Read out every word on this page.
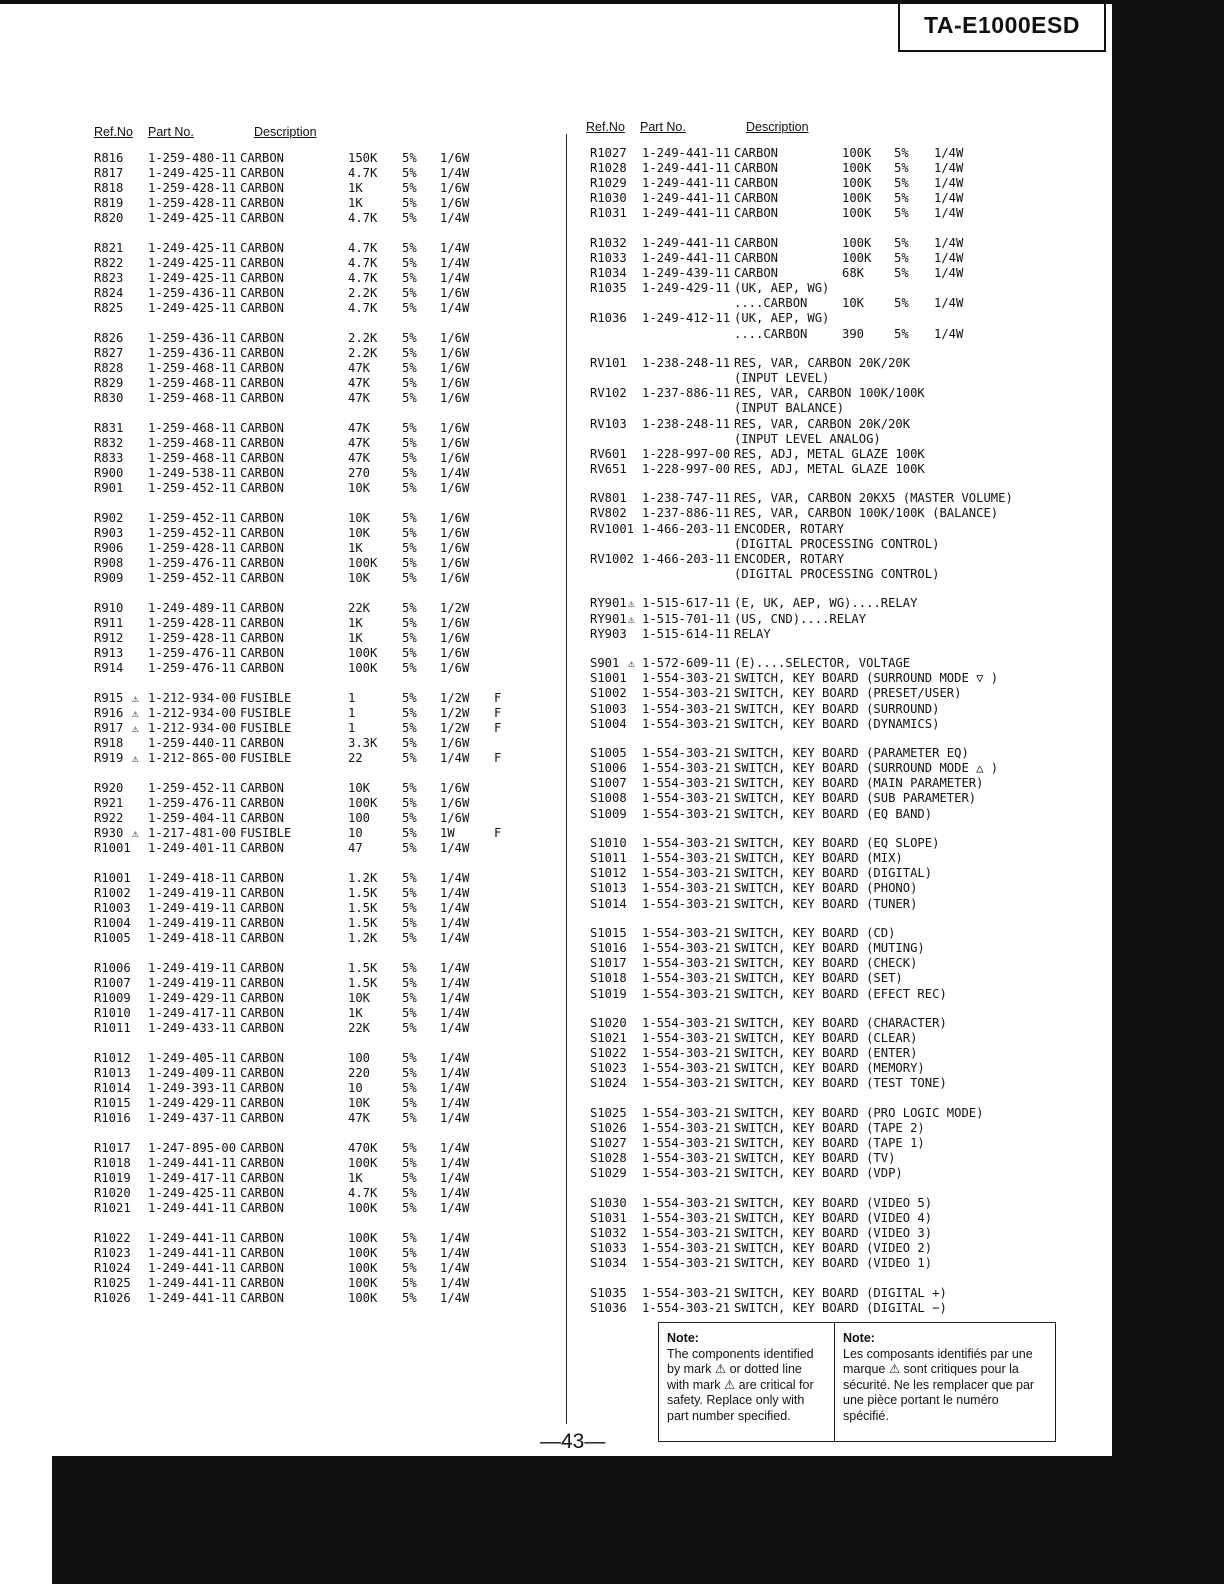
TA-E1000ESD
Ref.No Part No.	Description
R816 1-259-480-11 CARBON	150K 5% 1/6W
R817 1-249-425-11 CARBON	4.7K 5% 1/4W
R818 1-259-428-11 CARBON	1K	5% 1/6W
R819 1-259-428-11 CARBON	1K	5% 1/6W
R820 1-249-425-11 CARBON	4.7K 5% 1/4W
R821 1-249-425-11 CARBON	4.7K 5% 1/4W
R822 1-249-425-11 CARBON	4.7K 5% 1/4W
R823 1-249-425-11 CARBON	4.7K 5% 1/4W
R824 1-259-436-11 CARBON	2.2K 5% 1/6W
R825 1-249-425-11 CARBON	4.7K 5% 1/4W
R826 1-259-436-11 CARBON	2.2K 5% 1/6W
R827 1-259-436-11 CARBON	2.2K 5% 1/6W
R828 1-259-468-11 CARBON	47K	5% 1/6W
R829 1-259-468-11 CARBON	47K	5% 1/6W
R830 1-259-468-11 CARBON	47K	5% 1/6W
R831 1-259-468-11 CARBON	47K	5% 1/6W
R832 1-259-468-11 CARBON	47K	5% 1/6W
R833 1-259-468-11 CARBON	47K	5% 1/6W
R900 1-249-538-11 CARBON	270	5% 1/4W
R901 1-259-452-11 CARBON	10K	5% 1/6W
R902 1-259-452-11 CARBON	10K	5% 1/6W
R903 1-259-452-11 CARBON	10K	5% 1/6W
R906 1-259-428-11 CARBON	1K	5% 1/6W
R908 1-259-476-11 CARBON	100K 5% 1/6W
R909 1-259-452-11 CARBON	10K	5% 1/6W
R910 1-249-489-11 CARBON	22K	5% 1/2W
R911 1-259-428-11 CARBON	1K	5% 1/6W
R912 1-259-428-11 CARBON	1K	5% 1/6W
R913 1-259-476-11 CARBON	100K 5% 1/6W
R914 1-259-476-11 CARBON	100K 5% 1/6W
R915 ⚠ 1-212-934-00 FUSIBLE	1	5% 1/2W F
R916 ⚠ 1-212-934-00 FUSIBLE	1	5% 1/2W F
R917 ⚠ 1-212-934-00 FUSIBLE	1	5% 1/2W F
R918 1-259-440-11 CARBON	3.3K 5% 1/6W
R919 ⚠ 1-212-865-00 FUSIBLE	22	5% 1/4W F
R920 1-259-452-11 CARBON	10K	5% 1/6W
R921 1-259-476-11 CARBON	100K 5% 1/6W
R922 1-259-404-11 CARBON	100	5% 1/6W
R930 ⚠ 1-217-481-00 FUSIBLE	10	5% 1W	F
R1001 1-249-401-11 CARBON	47	5% 1/4W
R1001 1-249-418-11 CARBON	1.2K 5% 1/4W
R1002 1-249-419-11 CARBON	1.5K 5% 1/4W
R1003 1-249-419-11 CARBON	1.5K 5% 1/4W
R1004 1-249-419-11 CARBON	1.5K 5% 1/4W
R1005 1-249-418-11 CARBON	1.2K 5% 1/4W
R1006 1-249-419-11 CARBON	1.5K 5% 1/4W
R1007 1-249-419-11 CARBON	1.5K 5% 1/4W
R1009 1-249-429-11 CARBON	10K	5% 1/4W
R1010 1-249-417-11 CARBON	1K	5% 1/4W
R1011 1-249-433-11 CARBON	22K	5% 1/4W
R1012 1-249-405-11 CARBON	100	5% 1/4W
R1013 1-249-409-11 CARBON	220	5% 1/4W
R1014 1-249-393-11 CARBON	10	5% 1/4W
R1015 1-249-429-11 CARBON	10K	5% 1/4W
R1016 1-249-437-11 CARBON	47K	5% 1/4W
R1017 1-247-895-00 CARBON	470K 5% 1/4W
R1018 1-249-441-11 CARBON	100K 5% 1/4W
R1019 1-249-417-11 CARBON	1K	5% 1/4W
R1020 1-249-425-11 CARBON	4.7K 5% 1/4W
R1021 1-249-441-11 CARBON	100K 5% 1/4W
R1022 1-249-441-11 CARBON	100K 5% 1/4W
R1023 1-249-441-11 CARBON	100K 5% 1/4W
R1024 1-249-441-11 CARBON	100K 5% 1/4W
R1025 1-249-441-11 CARBON	100K 5% 1/4W
R1026 1-249-441-11 CARBON	100K 5% 1/4W
Ref.No Part No.	Description
R1027 1-249-441-11 CARBON	100K 5% 1/4W
R1028 1-249-441-11 CARBON	100K 5% 1/4W
R1029 1-249-441-11 CARBON	100K 5% 1/4W
R1030 1-249-441-11 CARBON	100K 5% 1/4W
R1031 1-249-441-11 CARBON	100K 5% 1/4W
R1032 1-249-441-11 CARBON	100K 5% 1/4W
R1033 1-249-441-11 CARBON	100K 5% 1/4W
R1034 1-249-439-11 CARBON	68K 5% 1/4W
R1035 1-249-429-11 (UK, AEP, WG)
....CARBON	10K 5% 1/4W
R1036 1-249-412-11 (UK, AEP, WG)
....CARBON	390 5% 1/4W
RV101 1-238-248-11 RES, VAR, CARBON 20K/20K
(INPUT LEVEL)
RV102 1-237-886-11 RES, VAR, CARBON 100K/100K
(INPUT BALANCE)
RV103 1-238-248-11 RES, VAR, CARBON 20K/20K
(INPUT LEVEL ANALOG)
RV601 1-228-997-00 RES, ADJ, METAL GLAZE 100K
RV651 1-228-997-00 RES, ADJ, METAL GLAZE 100K
RV801 1-238-747-11 RES, VAR, CARBON 20KX5 (MASTER VOLUME)
RV802 1-237-886-11 RES, VAR, CARBON 100K/100K (BALANCE)
RV1001 1-466-203-11 ENCODER, ROTARY
(DIGITAL PROCESSING CONTROL)
RV1002 1-466-203-11 ENCODER, ROTARY
(DIGITAL PROCESSING CONTROL)
RY901 ⚠ 1-515-617-11 (E, UK, AEP, WG)....RELAY
RY901 ⚠ 1-515-701-11 (US, CND)....RELAY
RY903 1-515-614-11 RELAY
S901 ⚠ 1-572-609-11 (E)....SELECTOR, VOLTAGE
S1001 1-554-303-21 SWITCH, KEY BOARD (SURROUND MODE ▽ )
S1002 1-554-303-21 SWITCH, KEY BOARD (PRESET/USER)
S1003 1-554-303-21 SWITCH, KEY BOARD (SURROUND)
S1004 1-554-303-21 SWITCH, KEY BOARD (DYNAMICS)
S1005 1-554-303-21 SWITCH, KEY BOARD (PARAMETER EQ)
S1006 1-554-303-21 SWITCH, KEY BOARD (SURROUND MODE △ )
S1007 1-554-303-21 SWITCH, KEY BOARD (MAIN PARAMETER)
S1008 1-554-303-21 SWITCH, KEY BOARD (SUB PARAMETER)
S1009 1-554-303-21 SWITCH, KEY BOARD (EQ BAND)
S1010 1-554-303-21 SWITCH, KEY BOARD (EQ SLOPE)
S1011 1-554-303-21 SWITCH, KEY BOARD (MIX)
S1012 1-554-303-21 SWITCH, KEY BOARD (DIGITAL)
S1013 1-554-303-21 SWITCH, KEY BOARD (PHONO)
S1014 1-554-303-21 SWITCH, KEY BOARD (TUNER)
S1015 1-554-303-21 SWITCH, KEY BOARD (CD)
S1016 1-554-303-21 SWITCH, KEY BOARD (MUTING)
S1017 1-554-303-21 SWITCH, KEY BOARD (CHECK)
S1018 1-554-303-21 SWITCH, KEY BOARD (SET)
S1019 1-554-303-21 SWITCH, KEY BOARD (EFECT REC)
S1020 1-554-303-21 SWITCH, KEY BOARD (CHARACTER)
S1021 1-554-303-21 SWITCH, KEY BOARD (CLEAR)
S1022 1-554-303-21 SWITCH, KEY BOARD (ENTER)
S1023 1-554-303-21 SWITCH, KEY BOARD (MEMORY)
S1024 1-554-303-21 SWITCH, KEY BOARD (TEST TONE)
S1025 1-554-303-21 SWITCH, KEY BOARD (PRO LOGIC MODE)
S1026 1-554-303-21 SWITCH, KEY BOARD (TAPE 2)
S1027 1-554-303-21 SWITCH, KEY BOARD (TAPE 1)
S1028 1-554-303-21 SWITCH, KEY BOARD (TV)
S1029 1-554-303-21 SWITCH, KEY BOARD (VDP)
S1030 1-554-303-21 SWITCH, KEY BOARD (VIDEO 5)
S1031 1-554-303-21 SWITCH, KEY BOARD (VIDEO 4)
S1032 1-554-303-21 SWITCH, KEY BOARD (VIDEO 3)
S1033 1-554-303-21 SWITCH, KEY BOARD (VIDEO 2)
S1034 1-554-303-21 SWITCH, KEY BOARD (VIDEO 1)
S1035 1-554-303-21 SWITCH, KEY BOARD (DIGITAL +)
S1036 1-554-303-21 SWITCH, KEY BOARD (DIGITAL −)
Note:
The components identified by mark ⚠ or dotted line with mark ⚠ are critical for safety. Replace only with part number specified.
Note:
Les composants identifiés par une marque ⚠ sont critiques pour la sécurité. Ne les remplacer que par une pièce portant le numéro spécifié.
—43—
